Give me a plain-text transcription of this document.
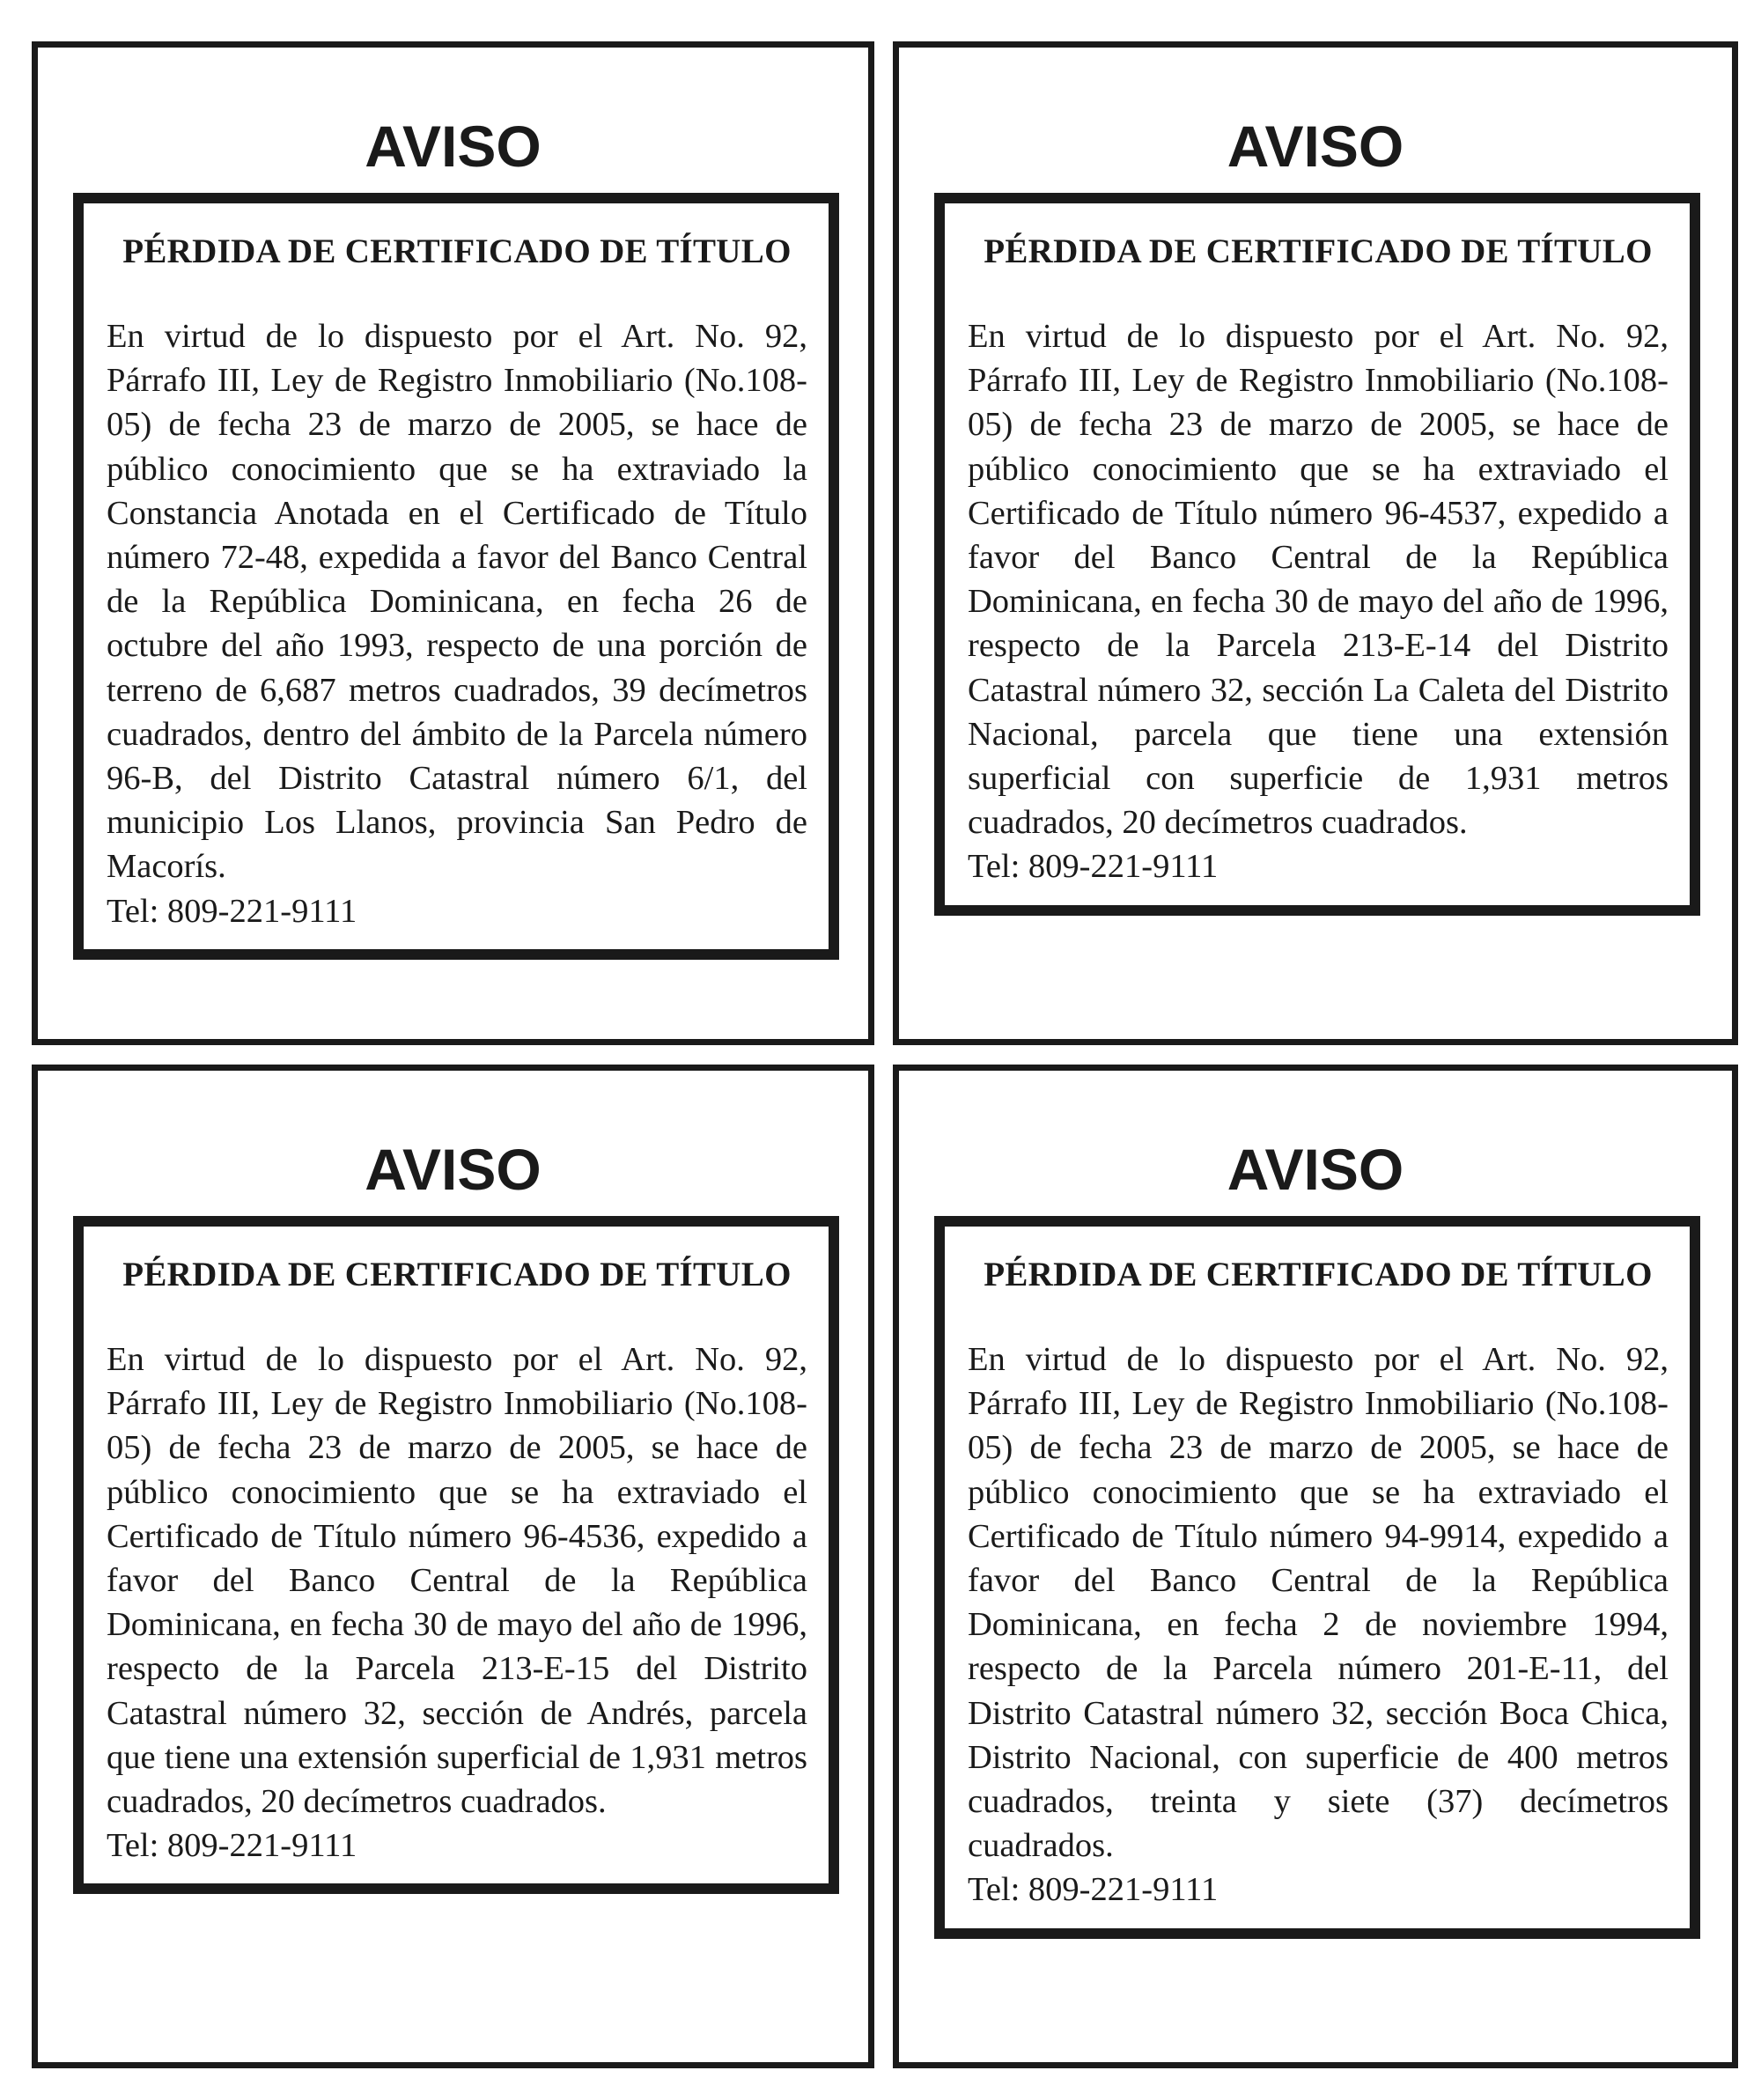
AVISO
PÉRDIDA DE CERTIFICADO DE TÍTULO

En virtud de lo dispuesto por el Art. No. 92, Párrafo III, Ley de Registro Inmobiliario (No.108-05) de fecha 23 de marzo de 2005, se hace de público conocimiento que se ha extraviado la Constancia Anotada en el Certificado de Título número 72-48, expedida a favor del Banco Central de la República Dominicana, en fecha 26 de octubre del año 1993, respecto de una porción de terreno de 6,687 metros cuadrados, 39 decímetros cuadrados, dentro del ámbito de la Parcela número 96-B, del Distrito Catastral número 6/1, del municipio Los Llanos, provincia San Pedro de Macorís.

Tel: 809-221-9111

AVISO
PÉRDIDA DE CERTIFICADO DE TÍTULO

En virtud de lo dispuesto por el Art. No. 92, Párrafo III, Ley de Registro Inmobiliario (No.108-05) de fecha 23 de marzo de 2005, se hace de público conocimiento que se ha extraviado el Certificado de Título número 96-4537, expedido a favor del Banco Central de la República Dominicana, en fecha 30 de mayo del año de 1996, respecto de la Parcela 213-E-14 del Distrito Catastral número 32, sección La Caleta del Distrito Nacional, parcela que tiene una extensión superficial con superficie de 1,931 metros cuadrados, 20 decímetros cuadrados.

Tel: 809-221-9111

AVISO
PÉRDIDA DE CERTIFICADO DE TÍTULO

En virtud de lo dispuesto por el Art. No. 92, Párrafo III, Ley de Registro Inmobiliario (No.108-05) de fecha 23 de marzo de 2005, se hace de público conocimiento que se ha extraviado el Certificado de Título número 96-4536, expedido a favor del Banco Central de la República Dominicana, en fecha 30 de mayo del año de 1996, respecto de la Parcela 213-E-15 del Distrito Catastral número 32, sección de Andrés, parcela que tiene una extensión superficial de 1,931 metros cuadrados, 20 decímetros cuadrados.

Tel: 809-221-9111

AVISO
PÉRDIDA DE CERTIFICADO DE TÍTULO

En virtud de lo dispuesto por el Art. No. 92, Párrafo III, Ley de Registro Inmobiliario (No.108-05) de fecha 23 de marzo de 2005, se hace de público conocimiento que se ha extraviado el Certificado de Título número 94-9914, expedido a favor del Banco Central de la República Dominicana, en fecha 2 de noviembre 1994, respecto de la Parcela número 201-E-11, del Distrito Catastral número 32, sección Boca Chica, Distrito Nacional, con superficie de 400 metros cuadrados, treinta y siete (37) decímetros cuadrados.

Tel: 809-221-9111
